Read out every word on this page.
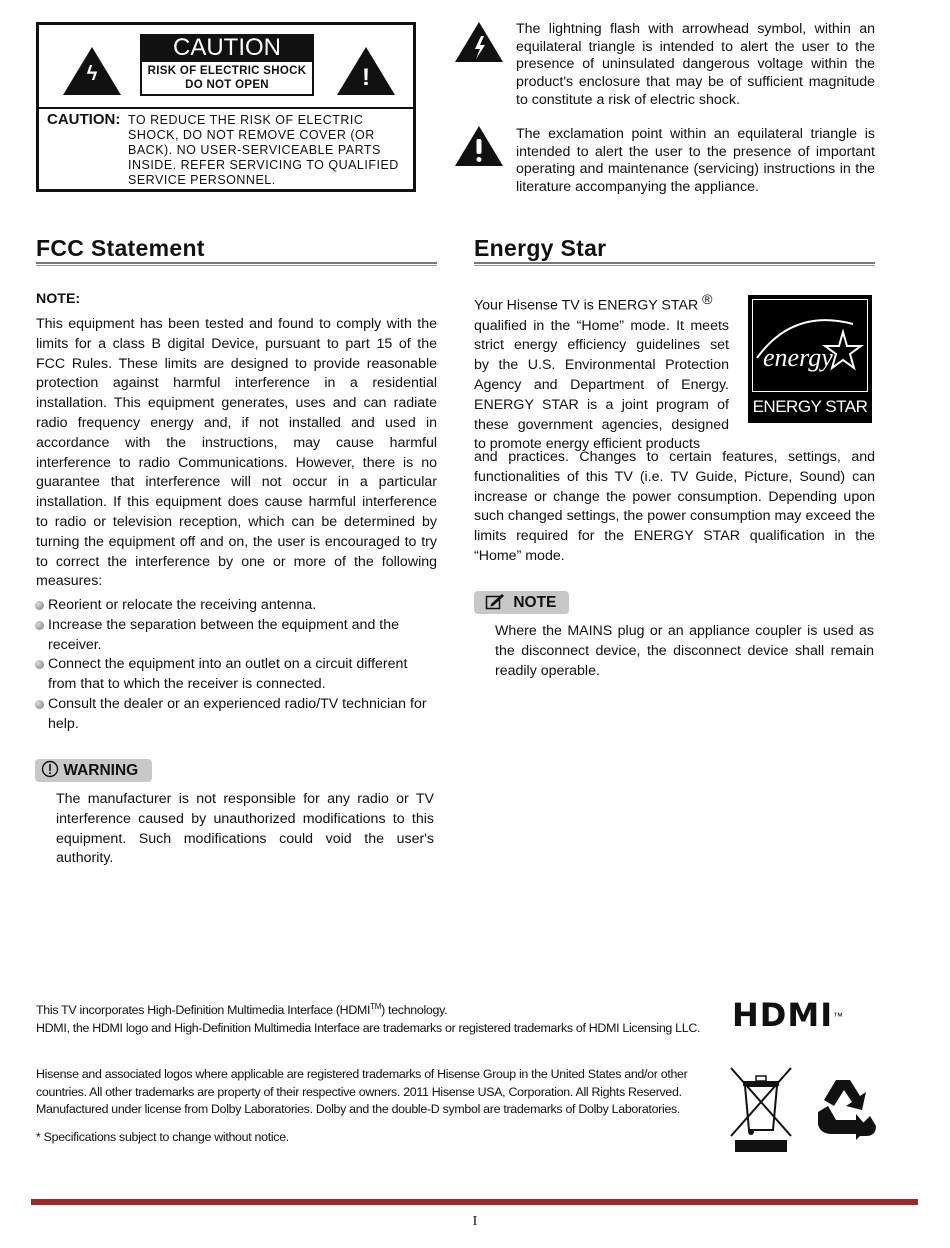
ϟ
CAUTION
RISK OF ELECTRIC SHOCK
DO NOT OPEN	!
CAUTION: TO REDUCE THE RISK OF ELECTRIC SHOCK, DO NOT REMOVE COVER (OR BACK). NO USER-SERVICEABLE PARTS INSIDE. REFER SERVICING TO QUALIFIED SERVICE PERSONNEL.

The lightning flash with arrowhead symbol, within an equilateral triangle is intended to alert the user to the presence of uninsulated dangerous voltage within the product's enclosure that may be of sufficient magnitude to constitute a risk of electric shock.

The exclamation point within an equilateral triangle is intended to alert the user to the presence of important operating and maintenance (servicing) instructions in the literature accompanying the appliance.

FCC Statement
NOTE:

This equipment has been tested and found to comply with the limits for a class B digital Device, pursuant to part 15 of the FCC Rules. These limits are designed to provide reasonable protection against harmful interference in a residential installation. This equipment generates, uses and can radiate radio frequency energy and, if not installed and used in accordance with the instructions, may cause harmful interference to radio Communications. However, there is no guarantee that interference will not occur in a particular installation. If this equipment does cause harmful interference to radio or television reception, which can be determined by turning the equipment off and on, the user is encouraged to try to correct the interference by one or more of the following measures:

Reorient or relocate the receiving antenna.
Increase the separation between the equipment and the receiver.
Connect the equipment into an outlet on a circuit different from that to which the receiver is connected.
Consult the dealer or an experienced radio/TV technician for help.
WARNING

The manufacturer is not responsible for any radio or TV interference caused by unauthorized modifications to this equipment. Such modifications could void the user's authority.

Energy Star
Your Hisense TV is ENERGY STAR ®
qualified in the “Home” mode. It meets
strict energy efficiency guidelines set
by the U.S. Environmental Protection
Agency and Department of Energy.
ENERGY STAR is a joint program of
these government agencies, designed
to promote energy efficient products

and practices. Changes to certain features, settings, and functionalities of this TV (i.e. TV Guide, Picture, Sound) can increase or change the power consumption. Depending upon such changed settings, the power consumption may exceed the limits required for the ENERGY STAR qualification in the “Home” mode.

energy
ENERGY STAR
NOTE

Where the MAINS plug or an appliance coupler is used as the disconnect device, the disconnect device shall remain readily operable.

This TV incorporates High-Definition Multimedia Interface (HDMI™) technology.
HDMI, the HDMI logo and High-Definition Multimedia Interface are trademarks or registered trademarks of HDMI Licensing LLC. HDMI™
Hisense and associated logos where applicable are registered trademarks of Hisense Group in the United States and/or other
countries. All other trademarks are property of their respective owners. 2011 Hisense USA, Corporation. All Rights Reserved.
Manufactured under license from Dolby Laboratories. Dolby and the double-D symbol are trademarks of Dolby Laboratories.
* Specifications subject to change without notice.
I
